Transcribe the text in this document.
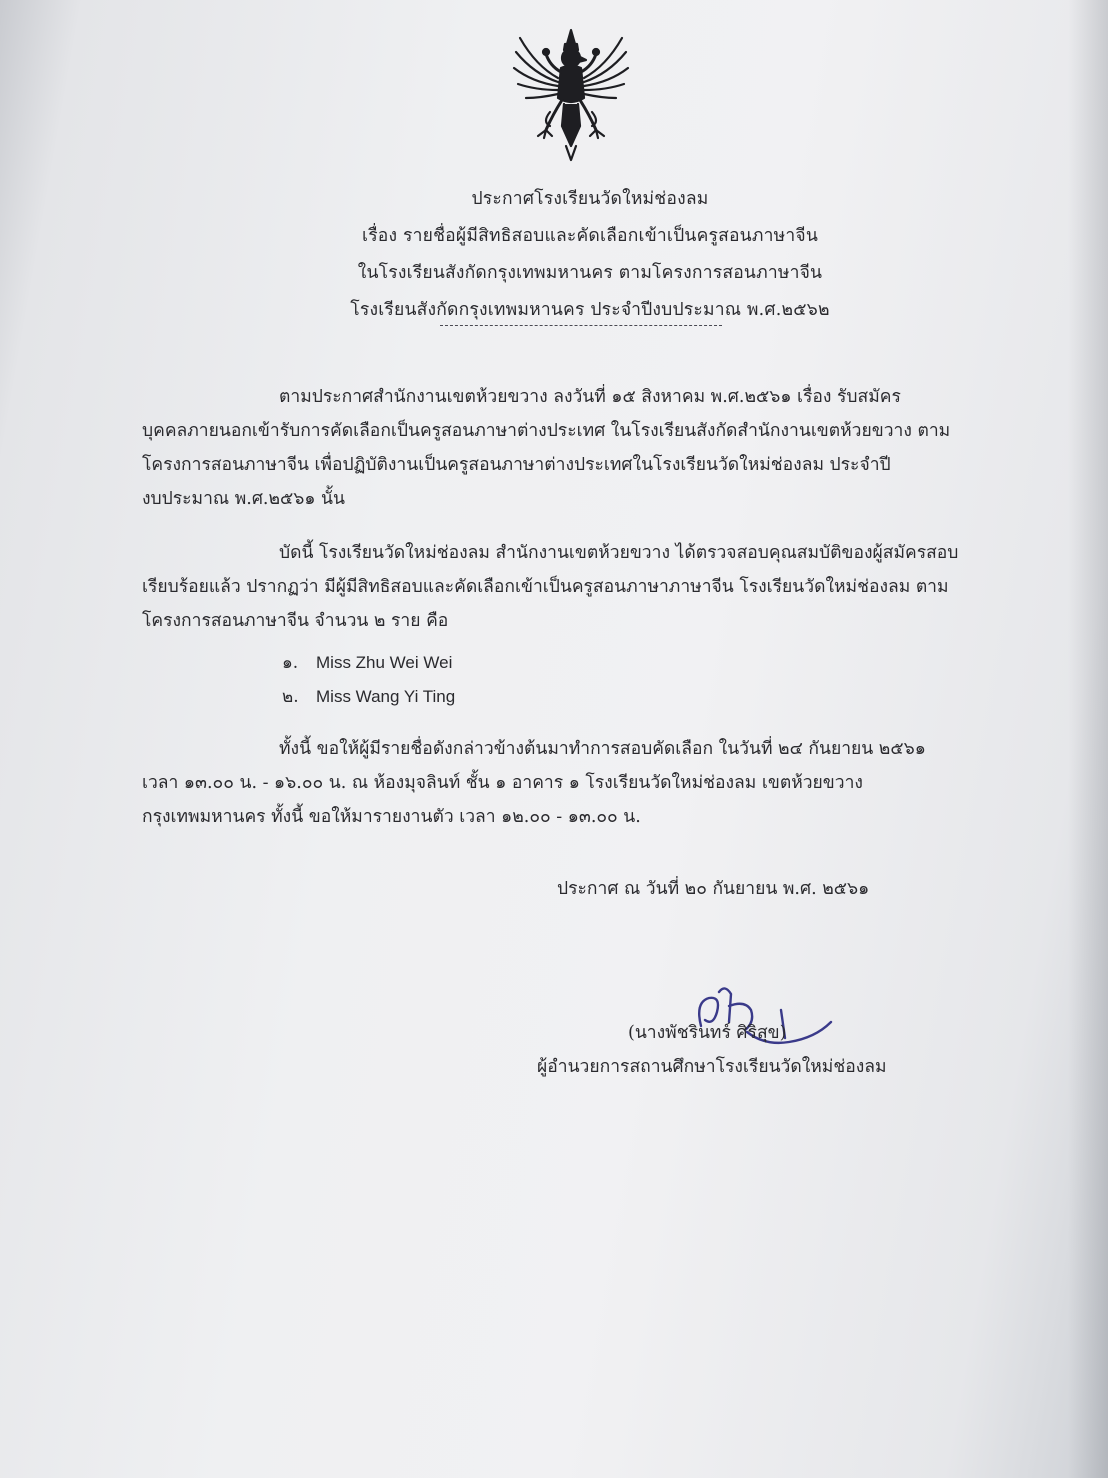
ประกาศโรงเรียนวัดใหม่ช่องลม
เรื่อง รายชื่อผู้มีสิทธิสอบและคัดเลือกเข้าเป็นครูสอนภาษาจีน
ในโรงเรียนสังกัดกรุงเทพมหานคร ตามโครงการสอนภาษาจีน
โรงเรียนสังกัดกรุงเทพมหานคร ประจำปีงบประมาณ พ.ศ.๒๕๖๒
ตามประกาศสำนักงานเขตห้วยขวาง ลงวันที่ ๑๕ สิงหาคม พ.ศ.๒๕๖๑ เรื่อง รับสมัคร
บุคคลภายนอกเข้ารับการคัดเลือกเป็นครูสอนภาษาต่างประเทศ ในโรงเรียนสังกัดสำนักงานเขตห้วยขวาง ตาม
โครงการสอนภาษาจีน เพื่อปฏิบัติงานเป็นครูสอนภาษาต่างประเทศในโรงเรียนวัดใหม่ช่องลม ประจำปี
งบประมาณ พ.ศ.๒๕๖๑ นั้น
บัดนี้ โรงเรียนวัดใหม่ช่องลม สำนักงานเขตห้วยขวาง ได้ตรวจสอบคุณสมบัติของผู้สมัครสอบ
เรียบร้อยแล้ว ปรากฏว่า มีผู้มีสิทธิสอบและคัดเลือกเข้าเป็นครูสอนภาษาภาษาจีน โรงเรียนวัดใหม่ช่องลม ตาม
โครงการสอนภาษาจีน จำนวน ๒ ราย คือ
๑. Miss Zhu Wei Wei
๒. Miss Wang Yi Ting
ทั้งนี้ ขอให้ผู้มีรายชื่อดังกล่าวข้างต้นมาทำการสอบคัดเลือก ในวันที่ ๒๔ กันยายน ๒๕๖๑
เวลา ๑๓.๐๐ น. - ๑๖.๐๐ น. ณ ห้องมุจลินท์ ชั้น ๑ อาคาร ๑ โรงเรียนวัดใหม่ช่องลม เขตห้วยขวาง
กรุงเทพมหานคร ทั้งนี้ ขอให้มารายงานตัว เวลา ๑๒.๐๐ - ๑๓.๐๐ น.
ประกาศ ณ วันที่ ๒๐ กันยายน พ.ศ. ๒๕๖๑
(นางพัชรินทร์ ศิริสุข)
ผู้อำนวยการสถานศึกษาโรงเรียนวัดใหม่ช่องลม
